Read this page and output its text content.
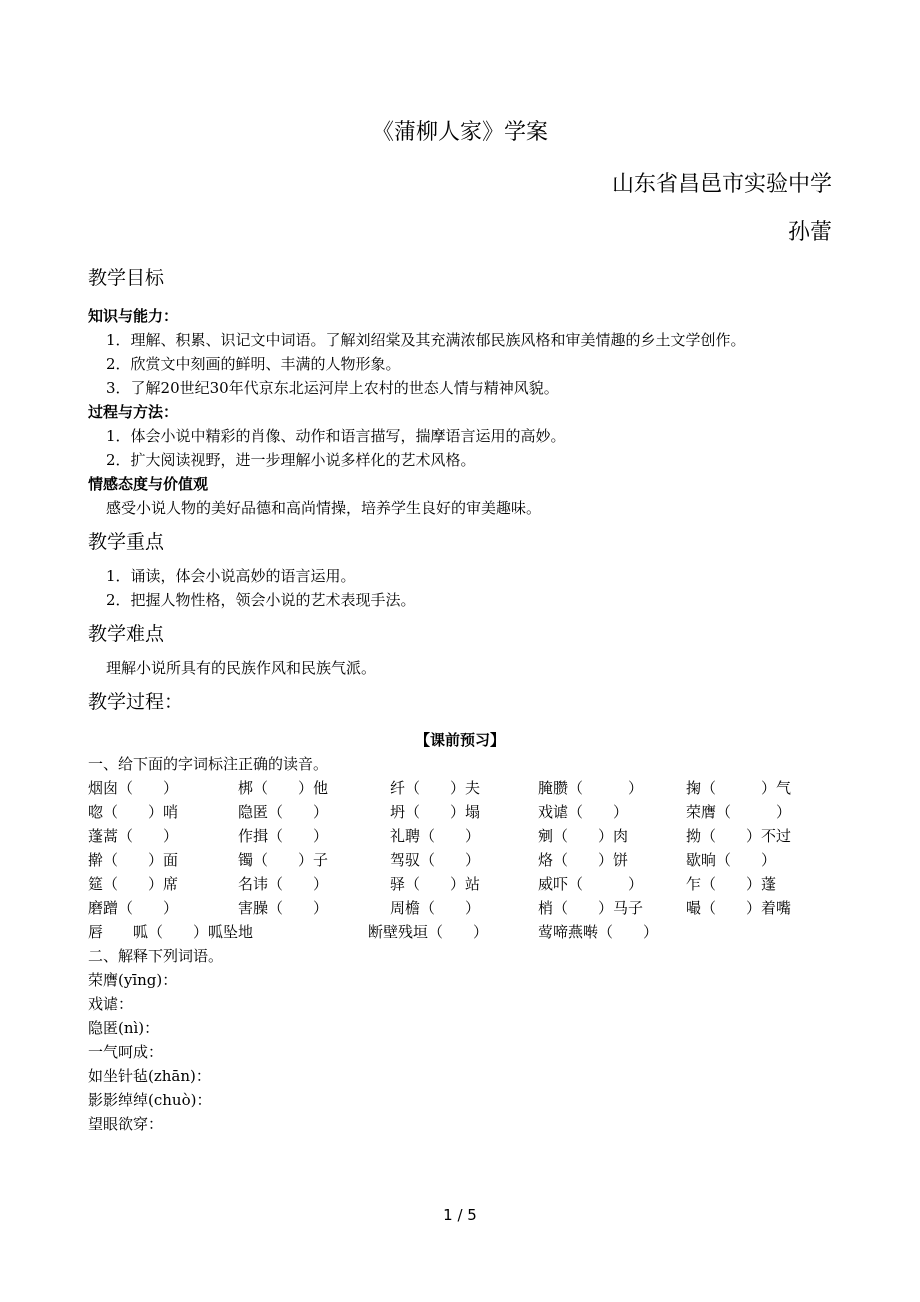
《蒲柳人家》学案
山东省昌邑市实验中学
孙蕾
教学目标
知识与能力：
1．理解、积累、识记文中词语。了解刘绍棠及其充满浓郁民族风格和审美情趣的乡土文学创作。
2．欣赏文中刻画的鲜明、丰满的人物形象。
3．了解20世纪30年代京东北运河岸上农村的世态人情与精神风貌。
过程与方法：
1．体会小说中精彩的肖像、动作和语言描写，揣摩语言运用的高妙。
2．扩大阅读视野，进一步理解小说多样化的艺术风格。
情感态度与价值观
感受小说人物的美好品德和高尚情操，培养学生良好的审美趣味。
教学重点
1．诵读，体会小说高妙的语言运用。
2．把握人物性格，领会小说的艺术表现手法。
教学难点
理解小说所具有的民族作风和民族气派。
教学过程：
【课前预习】
一、给下面的字词标注正确的读音。
烟囱（　　）	梆（　　）他	纤（　　）夫	腌臜（　　　）	掬（　　　）气
唿（　　）哨	隐匿（　　）	坍（　　）塌	戏谑（　　）	荣膺（　　　）
蓬蒿（　　）	作揖（　　）	礼聘（　　）	剜（　　）肉	拗（　　）不过
擀（　　）面	镯（　　）子	驾驭（　　）	烙（　　）饼	歇晌（　　）
筵（　　）席	名讳（　　）	驿（　　）站	威吓（　　　）	乍（　　）蓬
磨蹭（　　）	害臊（　　）	周檐（　　）	梢（　　）马子	嘬（　　）着嘴
唇　　呱（　　）呱坠地	断壁残垣（　　）	莺啼燕啭（　　）
二、解释下列词语。
荣膺(yīng)：
戏谑：
隐匿(nì)：
一气呵成：
如坐针毡(zhān)：
影影绰绰(chuò)：
望眼欲穿：
1 / 5
